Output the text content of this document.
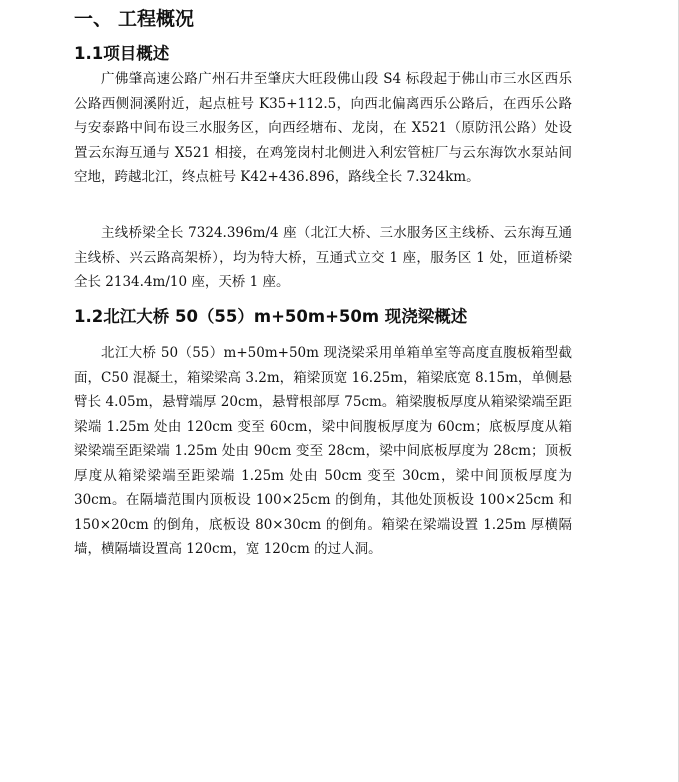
一、 工程概况
1.1项目概述

广佛肇高速公路广州石井至肇庆大旺段佛山段 S4 标段起于佛山市三水区西乐公路西侧洞溪附近，起点桩号 K35+112.5，向西北偏离西乐公路后，在西乐公路与安泰路中间布设三水服务区，向西经塘布、龙岗，在 X521（原防汛公路）处设置云东海互通与 X521 相接，在鸡笼岗村北侧进入利宏管桩厂与云东海饮水泵站间空地，跨越北江，终点桩号 K42+436.896，路线全长 7.324km。

主线桥梁全长 7324.396m/4 座（北江大桥、三水服务区主线桥、云东海互通主线桥、兴云路高架桥），均为特大桥，互通式立交 1 座，服务区 1 处，匝道桥梁全长 2134.4m/10 座，天桥 1 座。

1.2北江大桥 50（55）m+50m+50m 现浇梁概述

北江大桥 50（55）m+50m+50m 现浇梁采用单箱单室等高度直腹板箱型截面，C50 混凝土，箱梁梁高 3.2m，箱梁顶宽 16.25m，箱梁底宽 8.15m，单侧悬臂长 4.05m，悬臂端厚 20cm，悬臂根部厚 75cm。箱梁腹板厚度从箱梁梁端至距梁端 1.25m 处由 120cm 变至 60cm，梁中间腹板厚度为 60cm；底板厚度从箱梁梁端至距梁端 1.25m 处由 90cm 变至 28cm，梁中间底板厚度为 28cm；顶板厚度从箱梁梁端至距梁端 1.25m 处由 50cm 变至 30cm，梁中间顶板厚度为 30cm。在隔墙范围内顶板设 100×25cm 的倒角，其他处顶板设 100×25cm 和 150×20cm 的倒角，底板设 80×30cm 的倒角。箱梁在梁端设置 1.25m 厚横隔墙，横隔墙设置高 120cm，宽 120cm 的过人洞。
